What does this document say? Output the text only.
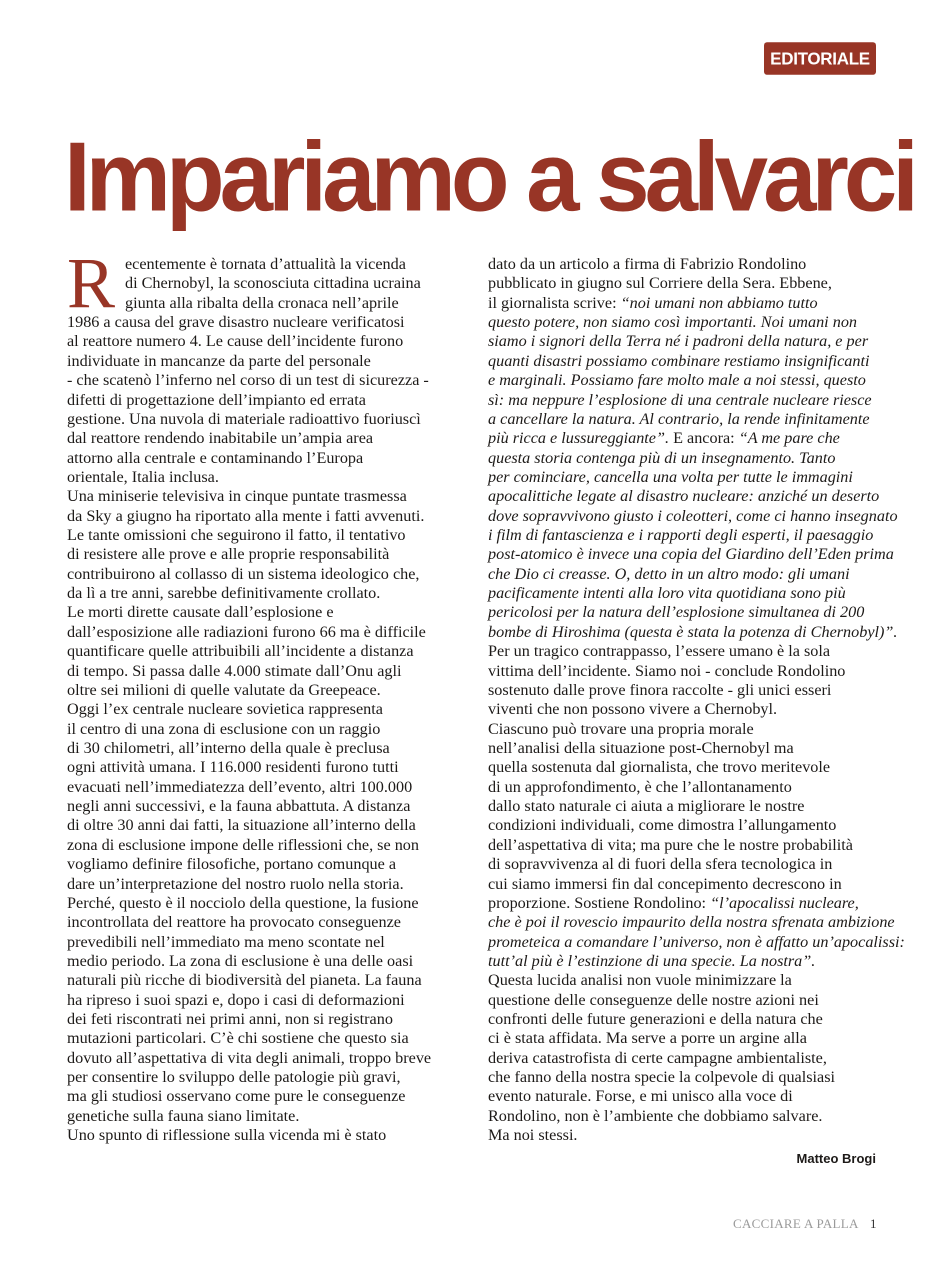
EDITORIALE
Impariamo a salvarci
R ecentemente è tornata d’attualità la vicenda
di Chernobyl, la sconosciuta cittadina ucraina
giunta alla ribalta della cronaca nell’aprile
1986 a causa del grave disastro nucleare verificatosi
al reattore numero 4. Le cause dell’incidente furono
individuate in mancanze da parte del personale
- che scatenò l’inferno nel corso di un test di sicurezza -
difetti di progettazione dell’impianto ed errata
gestione. Una nuvola di materiale radioattivo fuoriuscì
dal reattore rendendo inabitabile un’ampia area
attorno alla centrale e contaminando l’Europa
orientale, Italia inclusa.
Una miniserie televisiva in cinque puntate trasmessa
da Sky a giugno ha riportato alla mente i fatti avvenuti.
Le tante omissioni che seguirono il fatto, il tentativo
di resistere alle prove e alle proprie responsabilità
contribuirono al collasso di un sistema ideologico che,
da lì a tre anni, sarebbe definitivamente crollato.
Le morti dirette causate dall’esplosione e
dall’esposizione alle radiazioni furono 66 ma è difficile
quantificare quelle attribuibili all’incidente a distanza
di tempo. Si passa dalle 4.000 stimate dall’Onu agli
oltre sei milioni di quelle valutate da Greepeace.
Oggi l’ex centrale nucleare sovietica rappresenta
il centro di una zona di esclusione con un raggio
di 30 chilometri, all’interno della quale è preclusa
ogni attività umana. I 116.000 residenti furono tutti
evacuati nell’immediatezza dell’evento, altri 100.000
negli anni successivi, e la fauna abbattuta. A distanza
di oltre 30 anni dai fatti, la situazione all’interno della
zona di esclusione impone delle riflessioni che, se non
vogliamo definire filosofiche, portano comunque a
dare un’interpretazione del nostro ruolo nella storia.
Perché, questo è il nocciolo della questione, la fusione
incontrollata del reattore ha provocato conseguenze
prevedibili nell’immediato ma meno scontate nel
medio periodo. La zona di esclusione è una delle oasi
naturali più ricche di biodiversità del pianeta. La fauna
ha ripreso i suoi spazi e, dopo i casi di deformazioni
dei feti riscontrati nei primi anni, non si registrano
mutazioni particolari. C’è chi sostiene che questo sia
dovuto all’aspettativa di vita degli animali, troppo breve
per consentire lo sviluppo delle patologie più gravi,
ma gli studiosi osservano come pure le conseguenze
genetiche sulla fauna siano limitate.
Uno spunto di riflessione sulla vicenda mi è stato
dato da un articolo a firma di Fabrizio Rondolino
pubblicato in giugno sul Corriere della Sera. Ebbene,
il giornalista scrive: “noi umani non abbiamo tutto
questo potere, non siamo così importanti. Noi umani non
siamo i signori della Terra né i padroni della natura, e per
quanti disastri possiamo combinare restiamo insignificanti
e marginali. Possiamo fare molto male a noi stessi, questo
sì: ma neppure l’esplosione di una centrale nucleare riesce
a cancellare la natura. Al contrario, la rende infinitamente
più ricca e lussureggiante”. E ancora: “A me pare che
questa storia contenga più di un insegnamento. Tanto
per cominciare, cancella una volta per tutte le immagini
apocalittiche legate al disastro nucleare: anziché un deserto
dove sopravvivono giusto i coleotteri, come ci hanno insegnato
i film di fantascienza e i rapporti degli esperti, il paesaggio
post-atomico è invece una copia del Giardino dell’Eden prima
che Dio ci creasse. O, detto in un altro modo: gli umani
pacificamente intenti alla loro vita quotidiana sono più
pericolosi per la natura dell’esplosione simultanea di 200
bombe di Hiroshima (questa è stata la potenza di Chernobyl)”.
Per un tragico contrappasso, l’essere umano è la sola
vittima dell’incidente. Siamo noi - conclude Rondolino
sostenuto dalle prove finora raccolte - gli unici esseri
viventi che non possono vivere a Chernobyl.
Ciascuno può trovare una propria morale
nell’analisi della situazione post-Chernobyl ma
quella sostenuta dal giornalista, che trovo meritevole
di un approfondimento, è che l’allontanamento
dallo stato naturale ci aiuta a migliorare le nostre
condizioni individuali, come dimostra l’allungamento
dell’aspettativa di vita; ma pure che le nostre probabilità
di sopravvivenza al di fuori della sfera tecnologica in
cui siamo immersi fin dal concepimento decrescono in
proporzione. Sostiene Rondolino: “l’apocalissi nucleare,
che è poi il rovescio impaurito della nostra sfrenata ambizione
prometeica a comandare l’universo, non è affatto un’apocalissi:
tutt’al più è l’estinzione di una specie. La nostra”.
Questa lucida analisi non vuole minimizzare la
questione delle conseguenze delle nostre azioni nei
confronti delle future generazioni e della natura che
ci è stata affidata. Ma serve a porre un argine alla
deriva catastrofista di certe campagne ambientaliste,
che fanno della nostra specie la colpevole di qualsiasi
evento naturale. Forse, e mi unisco alla voce di
Rondolino, non è l’ambiente che dobbiamo salvare.
Ma noi stessi.
Matteo Brogi
CACCIARE A PALLA 1
